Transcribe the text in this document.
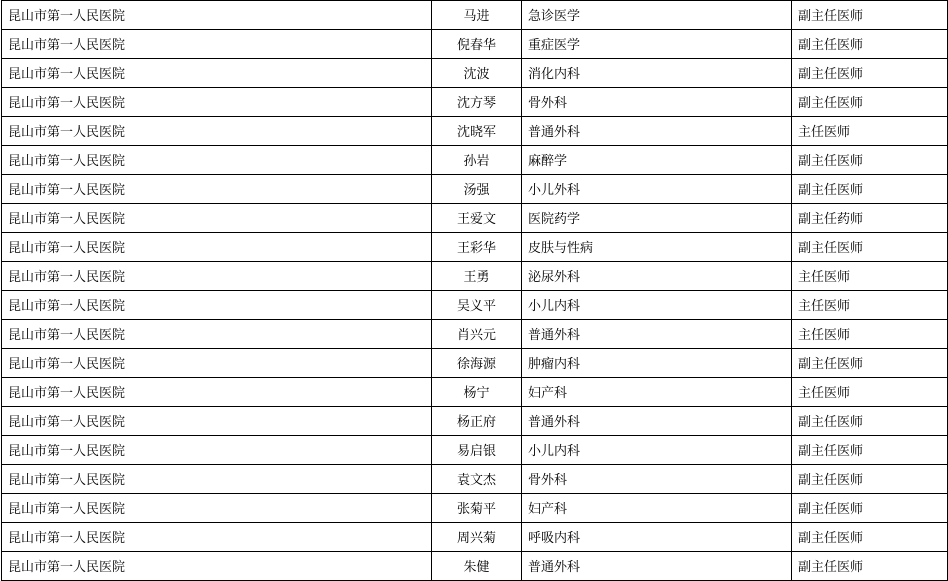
昆山市第一人民医院	马进	急诊医学	副主任医师
昆山市第一人民医院	倪春华	重症医学	副主任医师
昆山市第一人民医院	沈波	消化内科	副主任医师
昆山市第一人民医院	沈方琴	骨外科	副主任医师
昆山市第一人民医院	沈晓军	普通外科	主任医师
昆山市第一人民医院	孙岩	麻醉学	副主任医师
昆山市第一人民医院	汤强	小儿外科	副主任医师
昆山市第一人民医院	王爱文	医院药学	副主任药师
昆山市第一人民医院	王彩华	皮肤与性病	副主任医师
昆山市第一人民医院	王勇	泌尿外科	主任医师
昆山市第一人民医院	吴义平	小儿内科	主任医师
昆山市第一人民医院	肖兴元	普通外科	主任医师
昆山市第一人民医院	徐海源	肿瘤内科	副主任医师
昆山市第一人民医院	杨宁	妇产科	主任医师
昆山市第一人民医院	杨正府	普通外科	副主任医师
昆山市第一人民医院	易启银	小儿内科	副主任医师
昆山市第一人民医院	袁文杰	骨外科	副主任医师
昆山市第一人民医院	张菊平	妇产科	副主任医师
昆山市第一人民医院	周兴菊	呼吸内科	副主任医师
昆山市第一人民医院	朱健	普通外科	副主任医师
